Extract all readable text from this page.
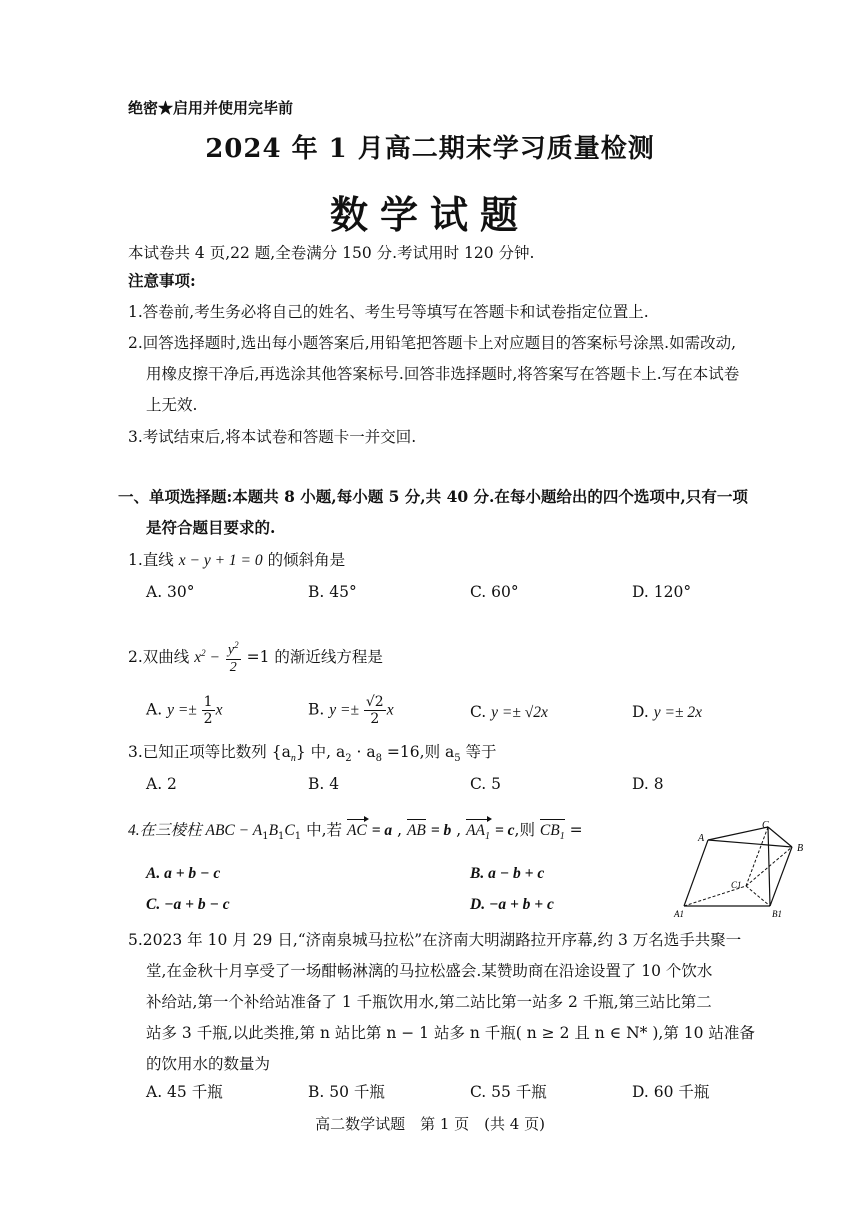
绝密★启用并使用完毕前
2024 年 1 月高二期末学习质量检测
数学试题
本试卷共 4 页,22 题,全卷满分 150 分.考试用时 120 分钟.
注意事项:
1.答卷前,考生务必将自己的姓名、考生号等填写在答题卡和试卷指定位置上.
2.回答选择题时,选出每小题答案后,用铅笔把答题卡上对应题目的答案标号涂黑.如需改动,
用橡皮擦干净后,再选涂其他答案标号.回答非选择题时,将答案写在答题卡上.写在本试卷
上无效.
3.考试结束后,将本试卷和答题卡一并交回.
一、单项选择题:本题共 8 小题,每小题 5 分,共 40 分.在每小题给出的四个选项中,只有一项
是符合题目要求的.
1.直线 x − y + 1 = 0 的倾斜角是
A. 30°	B. 45°	C. 60°	D. 120°
2.双曲线 $x^2 - \frac{y^2}{2} =1$ 的渐近线方程是
A. $y =\pm \frac{1}{2}$ x	B. $y =\pm \frac{√2}{2}$ x	C. y =± √2x	D. y =± 2x
3.已知正项等比数列 $\{a_n\}$ 中, $a_2 \cdot a_8 =16$,则 $a_5$ 等于
A. 2	B. 4	C. 5	D. 8
4.在三棱柱 ABC − $A_1B_1C_1$ 中,若 AC = a , AB = b , $AA_1 = c$,则 $CB_1$ =
A. a + b − c	B. a − b + c
C. −a + b − c	D. −a + b + c
C
A
B
C1
A1	B1
5.2023 年 10 月 29 日,“济南泉城马拉松”在济南大明湖路拉开序幕,约 3 万名选手共聚一
堂,在金秋十月享受了一场酣畅淋漓的马拉松盛会.某赞助商在沿途设置了 10 个饮水
补给站,第一个补给站准备了 1 千瓶饮用水,第二站比第一站多 2 千瓶,第三站比第二
站多 3 千瓶,以此类推,第 n 站比第 n − 1 站多 n 千瓶( n ≥ 2 且 n ∈ N* ),第 10 站准备
的饮用水的数量为
A. 45 千瓶	B. 50 千瓶	C. 55 千瓶	D. 60 千瓶
高二数学试题　第 1 页　(共 4 页)
